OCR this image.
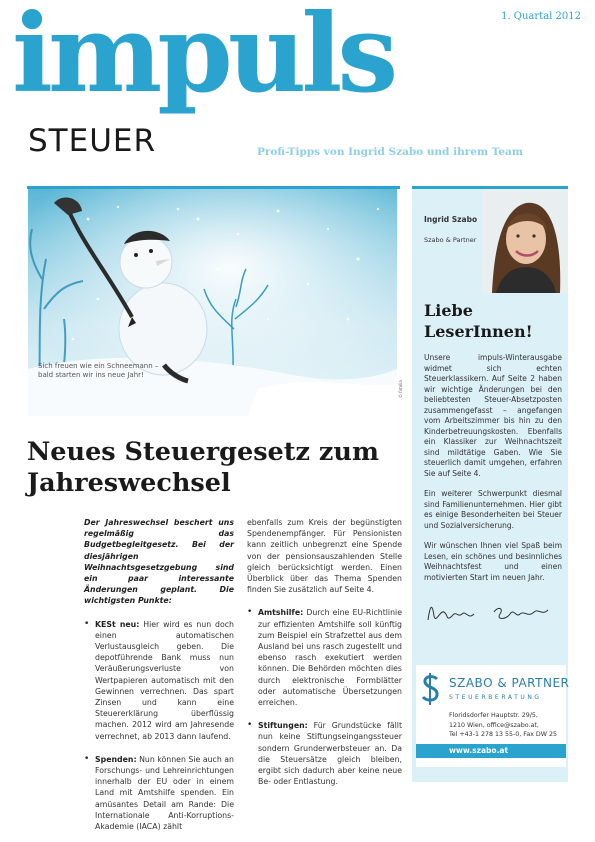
1. Quartal 2012
impuls
STEUER	Profi-Tipps von Ingrid Szabo und ihrem Team
Sich freuen wie ein Schneemann – bald starten wir ins neue Jahr!
© fotolia
Neues Steuergesetz zum Jahreswechsel

Der Jahreswechsel beschert uns regelmäßig das Budgetbegleitgesetz. Bei der diesjährigen Weihnachtsgesetzgebung sind ein paar interessante Änderungen geplant. Die wichtigsten Punkte:

• KESt neu: Hier wird es nun doch einen automatischen Verlustausgleich geben. Die depotführende Bank muss nun Veräußerungsverluste von Wertpapieren automatisch mit den Gewinnen verrechnen. Das spart Zinsen und kann eine Steuererklärung überflüssig machen. 2012 wird am Jahresende verrechnet, ab 2013 dann laufend.

• Spenden: Nun können Sie auch an Forschungs- und Lehreinrichtungen innerhalb der EU oder in einem Land mit Amtshilfe spenden. Ein amüsantes Detail am Rande: Die Internationale Anti-Korruptions-Akademie (IACA) zählt

ebenfalls zum Kreis der begünstigten Spendenempfänger. Für Pensionisten kann zeitlich unbegrenzt eine Spende von der pensionsauszahlenden Stelle gleich berücksichtigt werden. Einen Überblick über das Thema Spenden finden Sie zusätzlich auf Seite 4.

• Amtshilfe: Durch eine EU-Richtlinie zur effizienten Amtshilfe soll künftig zum Beispiel ein Strafzettel aus dem Ausland bei uns rasch zugestellt und ebenso rasch exekutiert werden können. Die Behörden möchten dies durch elektronische Formblätter oder automatische Übersetzungen erreichen.

• Stiftungen: Für Grundstücke fällt nun keine Stiftungseingangssteuer sondern Grunderwerbsteuer an. Da die Steuersätze gleich bleiben, ergibt sich dadurch aber keine neue Be- oder Entlastung.

Ingrid Szabo
Szabo & Partner
Liebe LeserInnen!

Unsere impuls-Winterausgabe widmet sich echten Steuerklassikern. Auf Seite 2 haben wir wichtige Änderungen bei den beliebtesten Steuer-Absetzposten zusammengefasst – angefangen vom Arbeitszimmer bis hin zu den Kinderbetreuungskosten. Ebenfalls ein Klassiker zur Weihnachtszeit sind mildtätige Gaben. Wie Sie steuerlich damit umgehen, erfahren Sie auf Seite 4.

Ein weiterer Schwerpunkt diesmal sind Familienunternehmen. Hier gibt es einige Besonderheiten bei Steuer und Sozialversicherung.

Wir wünschen Ihnen viel Spaß beim Lesen, ein schönes und besinnliches Weihnachtsfest und einen motivierten Start im neuen Jahr.

SZABO & PARTNER
STEUERBERATUNG
Floridsdorfer Hauptstr. 29/5,
1210 Wien, office@szabo.at,
Tel +43-1 278 13 55-0, Fax DW 25
www.szabo.at
